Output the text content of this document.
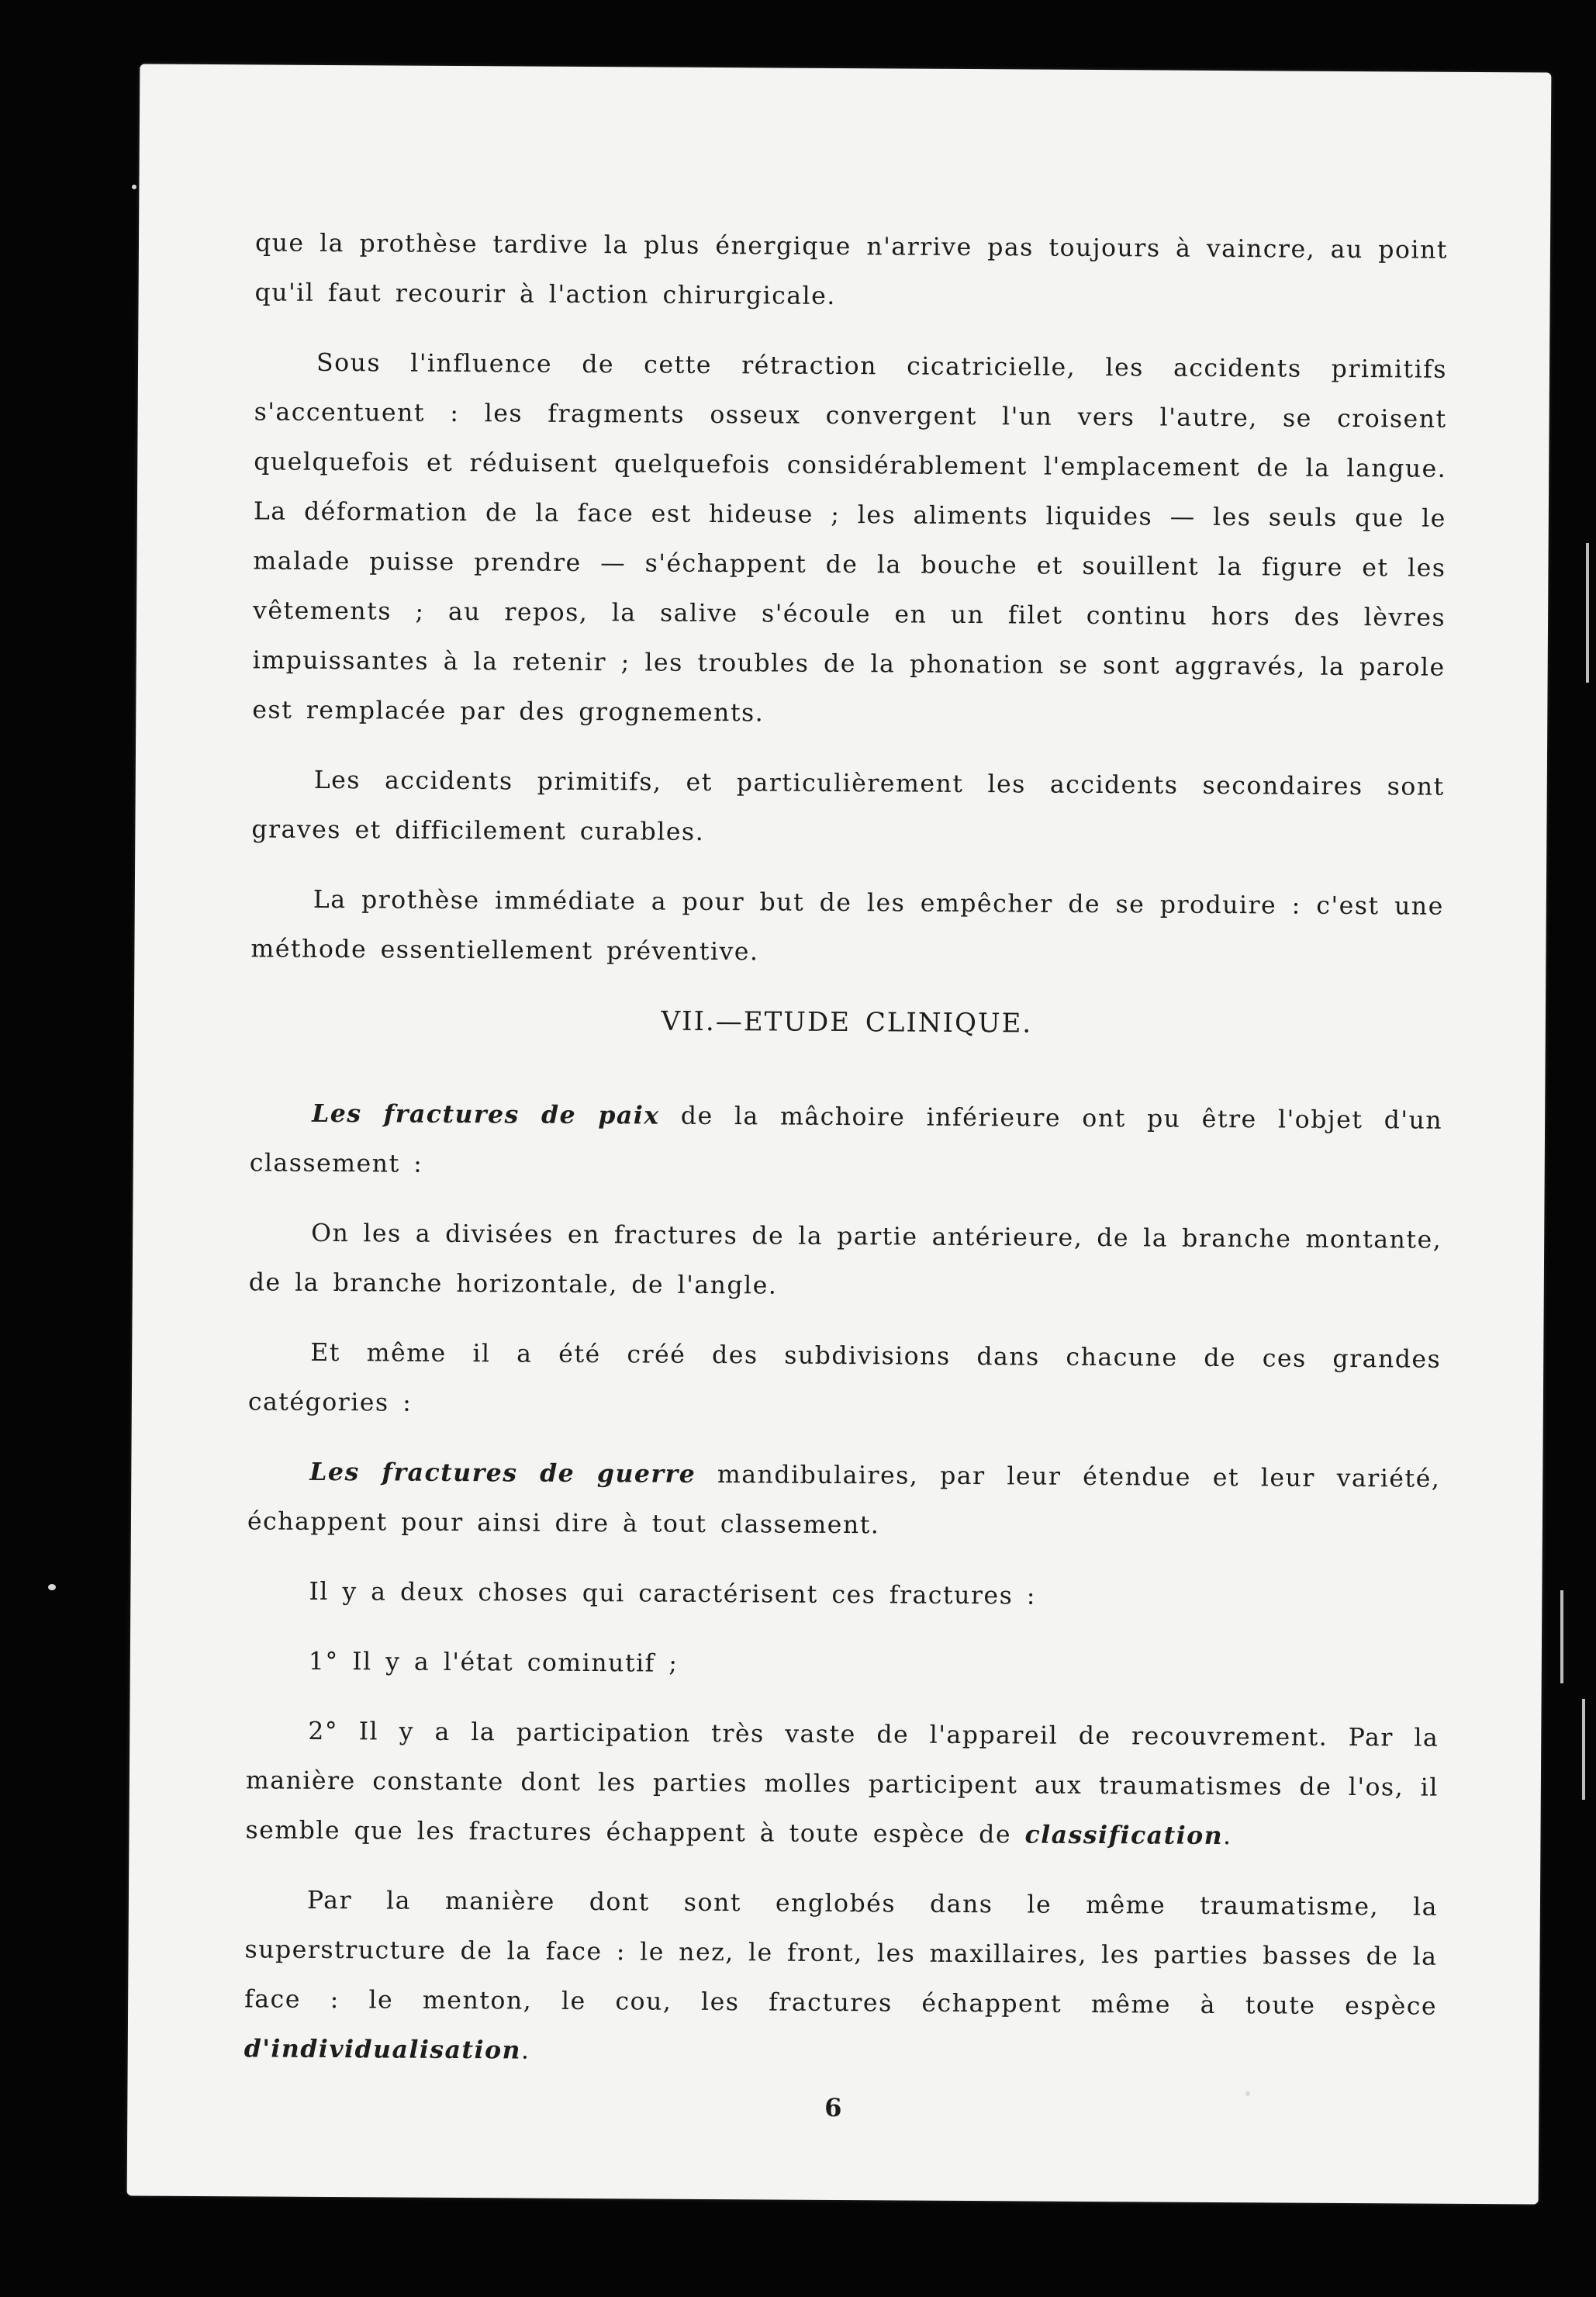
que la prothèse tardive la plus énergique n'arrive pas toujours à vaincre, au point qu'il faut recourir à l'action chirurgicale.

Sous l'influence de cette rétraction cicatricielle, les accidents primitifs s'accentuent : les fragments osseux convergent l'un vers l'autre, se croisent quelquefois et réduisent quelquefois considérablement l'emplacement de la langue. La déformation de la face est hideuse ; les aliments liquides — les seuls que le malade puisse prendre — s'échappent de la bouche et souillent la figure et les vêtements ; au repos, la salive s'écoule en un filet continu hors des lèvres impuissantes à la retenir ; les troubles de la phonation se sont aggravés, la parole est remplacée par des grognements.

Les accidents primitifs, et particulièrement les accidents secondaires sont graves et difficilement curables.

La prothèse immédiate a pour but de les empêcher de se produire : c'est une méthode essentiellement préventive.

VII.—ETUDE CLINIQUE.

Les fractures de paix de la mâchoire inférieure ont pu être l'objet d'un classement :

On les a divisées en fractures de la partie antérieure, de la branche montante, de la branche horizontale, de l'angle.

Et même il a été créé des subdivisions dans chacune de ces grandes catégories :

Les fractures de guerre mandibulaires, par leur étendue et leur variété, échappent pour ainsi dire à tout classement.

Il y a deux choses qui caractérisent ces fractures :

1° Il y a l'état cominutif ;

2° Il y a la participation très vaste de l'appareil de recouvrement. Par la manière constante dont les parties molles participent aux traumatismes de l'os, il semble que les fractures échappent à toute espèce de classification.

Par la manière dont sont englobés dans le même traumatisme, la superstructure de la face : le nez, le front, les maxillaires, les parties basses de la face : le menton, le cou, les fractures échappent même à toute espèce d'individualisation.

6
